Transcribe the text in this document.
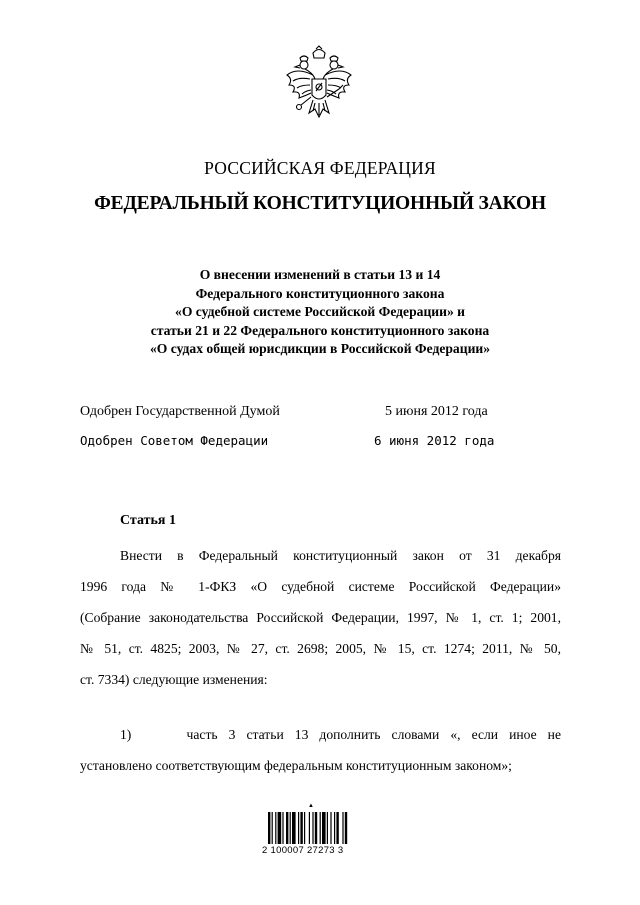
РОССИЙСКАЯ ФЕДЕРАЦИЯ
ФЕДЕРАЛЬНЫЙ КОНСТИТУЦИОННЫЙ ЗАКОН
О внесении изменений в статьи 13 и 14
Федерального конституционного закона
«О судебной системе Российской Федерации» и
статьи 21 и 22 Федерального конституционного закона
«О судах общей юрисдикции в Российской Федерации»
Одобрен Государственной Думой	5 июня 2012 года
Одобрен Советом Федерации	6 июня 2012 года
Статья 1
Внести в Федеральный конституционный закон от 31 декабря
1996 года № 1-ФКЗ «О судебной системе Российской Федерации»
(Собрание законодательства Российской Федерации, 1997, № 1, ст. 1; 2001,
№ 51, ст. 4825; 2003, № 27, ст. 2698; 2005, № 15, ст. 1274; 2011, № 50,
ст. 7334) следующие изменения:
1)     часть 3 статьи 13 дополнить словами «, если иное не
установлено соответствующим федеральным конституционным законом»;
▲
2 100007 27273 3
